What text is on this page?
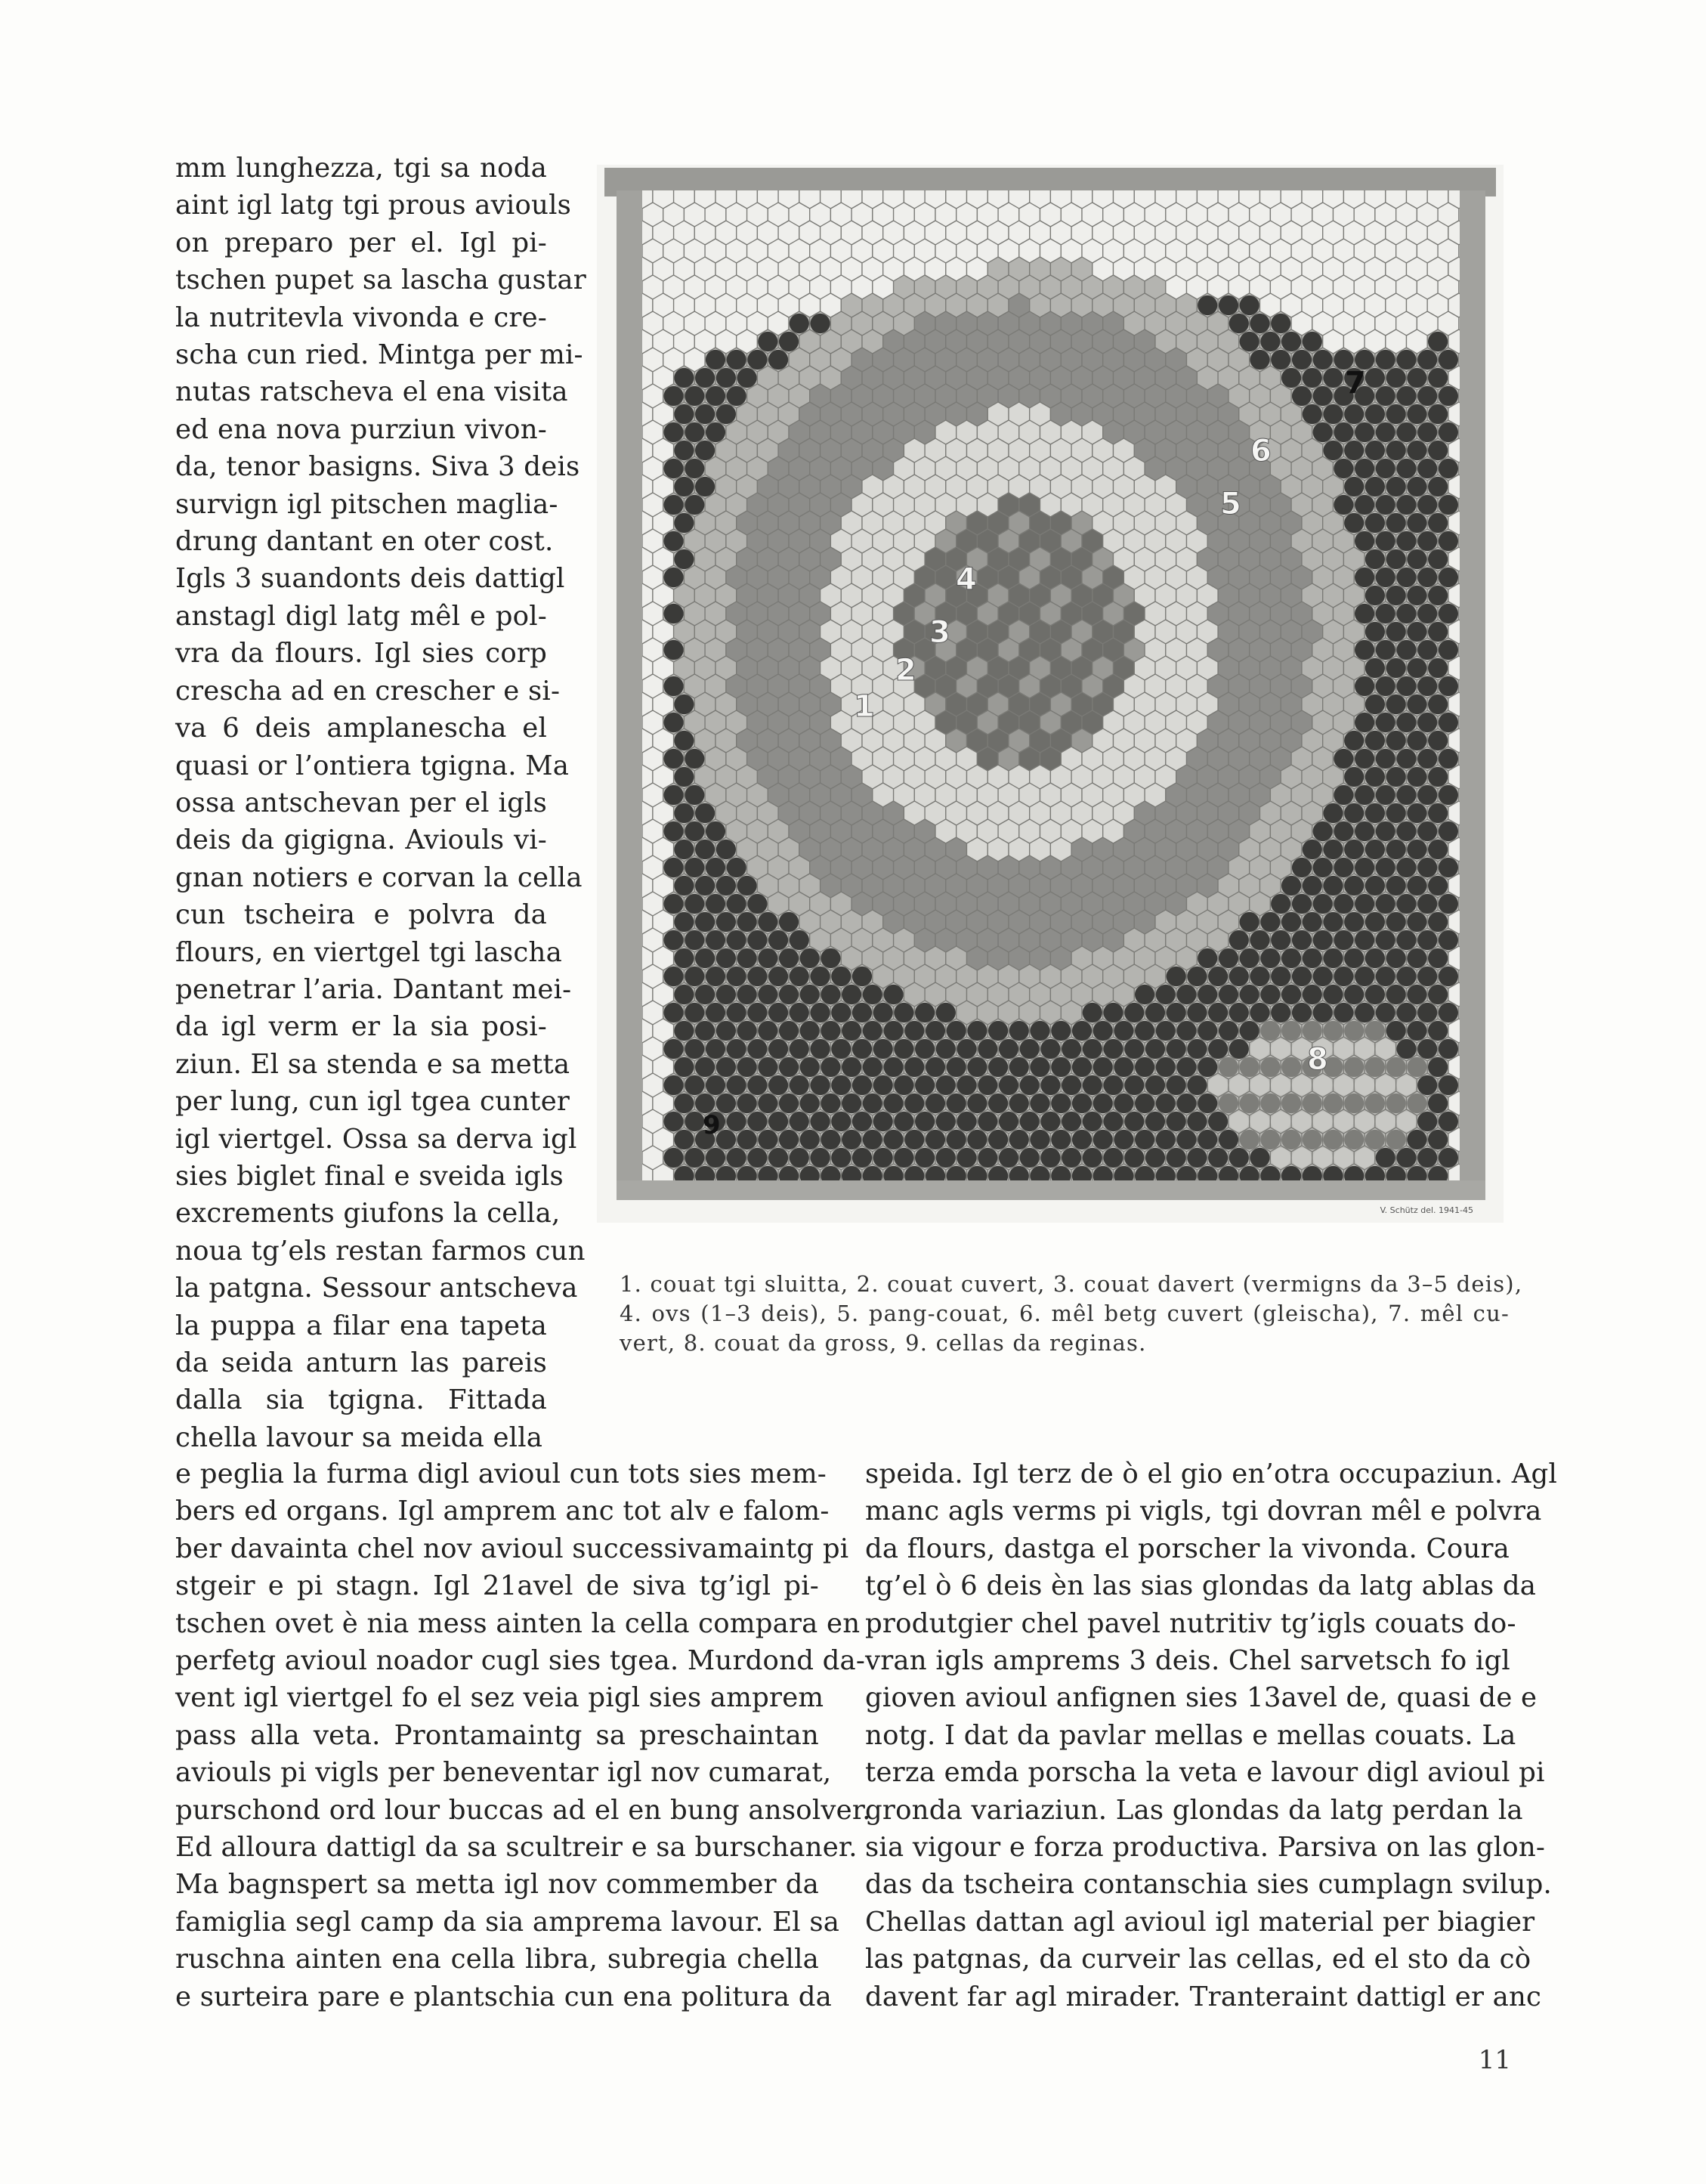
mm lunghezza, tgi sa noda
aint igl latg tgi prous aviouls
on preparo per el. Igl pi-
tschen pupet sa lascha gustar
la nutritevla vivonda e cre-
scha cun ried. Mintga per mi-
nutas ratscheva el ena visita
ed ena nova purziun vivon-
da, tenor basigns. Siva 3 deis
survign igl pitschen maglia-
drung dantant en oter cost.
Igls 3 suandonts deis dattigl
anstagl digl latg mêl e pol-
vra da flours. Igl sies corp
crescha ad en crescher e si-
va 6 deis amplanescha el
quasi or l’ontiera tgigna. Ma
ossa antschevan per el igls
deis da gigigna. Aviouls vi-
gnan notiers e corvan la cella
cun tscheira e polvra da
flours, en viertgel tgi lascha
penetrar l’aria. Dantant mei-
da igl verm er la sia posi-
ziun. El sa stenda e sa metta
per lung, cun igl tgea cunter
igl viertgel. Ossa sa derva igl
sies biglet final e sveida igls
excrements giufons la cella,
noua tg’els restan farmos cun
la patgna. Sessour antscheva
la puppa a filar ena tapeta
da seida anturn las pareis
dalla sia tgigna. Fittada
chella lavour sa meida ella
1
2
3
4
5
6
7
8
9
V. Schütz del. 1941-45
1. couat tgi sluitta, 2. couat cuvert, 3. couat davert (vermigns da 3–5 deis),
4. ovs (1–3 deis), 5. pang-couat, 6. mêl betg cuvert (gleischa), 7. mêl cu-
vert, 8. couat da gross, 9. cellas da reginas.
e peglia la furma digl avioul cun tots sies mem-
bers ed organs. Igl amprem anc tot alv e falom-
ber davainta chel nov avioul successivamaintg pi
stgeir e pi stagn. Igl 21avel de siva tg’igl pi-
tschen ovet è nia mess ainten la cella compara en
perfetg avioul noador cugl sies tgea. Murdond da-
vent igl viertgel fo el sez veia pigl sies amprem
pass alla veta. Prontamaintg sa preschaintan
aviouls pi vigls per beneventar igl nov cumarat,
purschond ord lour buccas ad el en bung ansolver.
Ed alloura dattigl da sa scultreir e sa burschaner.
Ma bagnspert sa metta igl nov commember da
famiglia segl camp da sia amprema lavour. El sa
ruschna ainten ena cella libra, subregia chella
e surteira pare e plantschia cun ena politura da
speida. Igl terz de ò el gio en’otra occupaziun. Agl
manc agls verms pi vigls, tgi dovran mêl e polvra
da flours, dastga el porscher la vivonda. Coura
tg’el ò 6 deis èn las sias glondas da latg ablas da
produtgier chel pavel nutritiv tg’igls couats do-
vran igls amprems 3 deis. Chel sarvetsch fo igl
gioven avioul anfignen sies 13avel de, quasi de e
notg. I dat da pavlar mellas e mellas couats. La
terza emda porscha la veta e lavour digl avioul pi
gronda variaziun. Las glondas da latg perdan la
sia vigour e forza productiva. Parsiva on las glon-
das da tscheira contanschia sies cumplagn svilup.
Chellas dattan agl avioul igl material per biagier
las patgnas, da curveir las cellas, ed el sto da cò
davent far agl mirader. Tranteraint dattigl er anc
11
